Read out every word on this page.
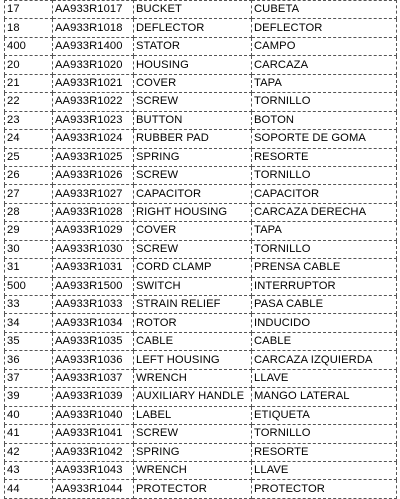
17	AA933R1017	BUCKET	CUBETA
18	AA933R1018	DEFLECTOR	DEFLECTOR
400	AA933R1400	STATOR	CAMPO
20	AA933R1020	HOUSING	CARCAZA
21	AA933R1021	COVER	TAPA
22	AA933R1022	SCREW	TORNILLO
23	AA933R1023	BUTTON	BOTON
24	AA933R1024	RUBBER PAD	SOPORTE DE GOMA
25	AA933R1025	SPRING	RESORTE
26	AA933R1026	SCREW	TORNILLO
27	AA933R1027	CAPACITOR	CAPACITOR
28	AA933R1028	RIGHT HOUSING	CARCAZA DERECHA
29	AA933R1029	COVER	TAPA
30	AA933R1030	SCREW	TORNILLO
31	AA933R1031	CORD CLAMP	PRENSA CABLE
500	AA933R1500	SWITCH	INTERRUPTOR
33	AA933R1033	STRAIN RELIEF	PASA CABLE
34	AA933R1034	ROTOR	INDUCIDO
35	AA933R1035	CABLE	CABLE
36	AA933R1036	LEFT HOUSING	CARCAZA IZQUIERDA
37	AA933R1037	WRENCH	LLAVE
39	AA933R1039	AUXILIARY HANDLE	MANGO LATERAL
40	AA933R1040	LABEL	ETIQUETA
41	AA933R1041	SCREW	TORNILLO
42	AA933R1042	SPRING	RESORTE
43	AA933R1043	WRENCH	LLAVE
44	AA933R1044	PROTECTOR	PROTECTOR
